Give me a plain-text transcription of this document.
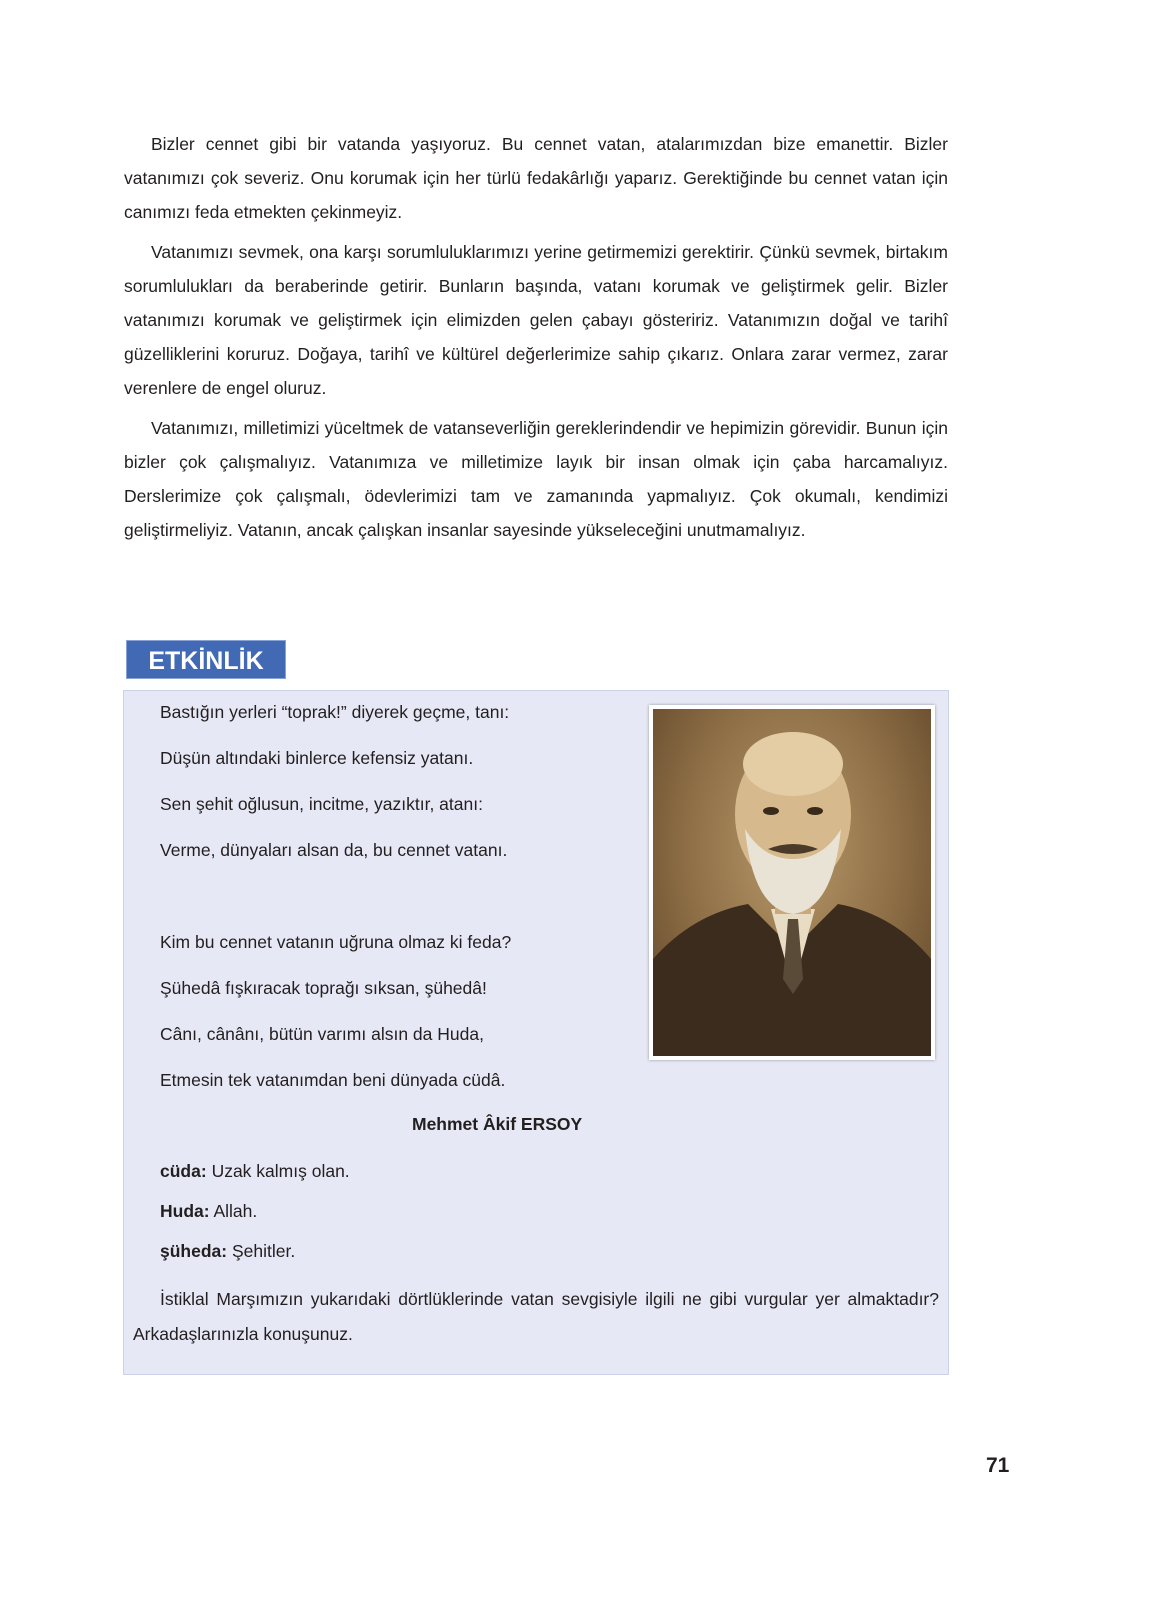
Bizler cennet gibi bir vatanda yaşıyoruz. Bu cennet vatan, atalarımızdan bize emanettir. Bizler vatanımızı çok severiz. Onu korumak için her türlü fedakârlığı yaparız. Gerektiğinde bu cennet vatan için canımızı feda etmekten çekinmeyiz.

Vatanımızı sevmek, ona karşı sorumluluklarımızı yerine getirmemizi gerektirir. Çünkü sevmek, birtakım sorumlulukları da beraberinde getirir. Bunların başında, vatanı korumak ve geliştirmek gelir. Bizler vatanımızı korumak ve geliştirmek için elimizden gelen çabayı gösteririz. Vatanımızın doğal ve tarihî güzelliklerini koruruz. Doğaya, tarihî ve kültürel değerlerimize sahip çıkarız. Onlara zarar vermez, zarar verenlere de engel oluruz.

Vatanımızı, milletimizi yüceltmek de vatanseverliğin gereklerindendir ve hepimizin görevidir. Bunun için bizler çok çalışmalıyız. Vatanımıza ve milletimize layık bir insan olmak için çaba harcamalıyız. Derslerimize çok çalışmalı, ödevlerimizi tam ve zamanında yapmalıyız. Çok okumalı, kendimizi geliştirmeliyiz. Vatanın, ancak çalışkan insanlar sayesinde yükseleceğini unutmamalıyız.

ETKİNLİK
Bastığın yerleri “toprak!” diyerek geçme, tanı:
Düşün altındaki binlerce kefensiz yatanı.
Sen şehit oğlusun, incitme, yazıktır, atanı:
Verme, dünyaları alsan da, bu cennet vatanı.
Kim bu cennet vatanın uğruna olmaz ki feda?
Şühedâ fışkıracak toprağı sıksan, şühedâ!
Cânı, cânânı, bütün varımı alsın da Huda,
Etmesin tek vatanımdan beni dünyada cüdâ.
Mehmet Âkif ERSOY
cüda: Uzak kalmış olan.
Huda: Allah.
şüheda: Şehitler.
İstiklal Marşımızın yukarıdaki dörtlüklerinde vatan sevgisiyle ilgili ne gibi vurgular yer almaktadır? Arkadaşlarınızla konuşunuz.
71
